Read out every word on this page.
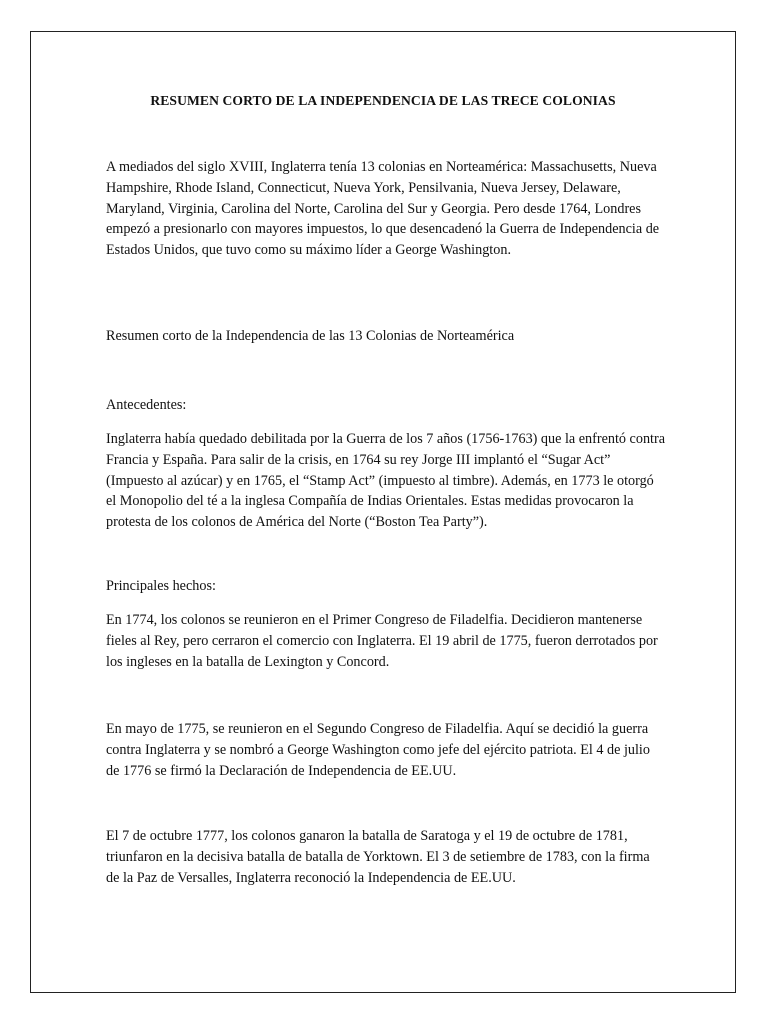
RESUMEN CORTO DE LA INDEPENDENCIA DE LAS TRECE COLONIAS

A mediados del siglo XVIII, Inglaterra tenía 13 colonias en Norteamérica: Massachusetts, Nueva Hampshire, Rhode Island, Connecticut, Nueva York, Pensilvania, Nueva Jersey, Delaware, Maryland, Virginia, Carolina del Norte, Carolina del Sur y Georgia. Pero desde 1764, Londres empezó a presionarlo con mayores impuestos, lo que desencadenó la Guerra de Independencia de Estados Unidos, que tuvo como su máximo líder a George Washington.

Resumen corto de la Independencia de las 13 Colonias de Norteamérica

Antecedentes:

Inglaterra había quedado debilitada por la Guerra de los 7 años (1756-1763) que la enfrentó contra Francia y España. Para salir de la crisis, en 1764 su rey Jorge III implantó el “Sugar Act” (Impuesto al azúcar) y en 1765, el “Stamp Act” (impuesto al timbre). Además, en 1773 le otorgó el Monopolio del té a la inglesa Compañía de Indias Orientales. Estas medidas provocaron la protesta de los colonos de América del Norte (“Boston Tea Party”).

Principales hechos:

En 1774, los colonos se reunieron en el Primer Congreso de Filadelfia. Decidieron mantenerse fieles al Rey, pero cerraron el comercio con Inglaterra. El 19 abril de 1775, fueron derrotados por los ingleses en la batalla de Lexington y Concord.

En mayo de 1775, se reunieron en el Segundo Congreso de Filadelfia. Aquí se decidió la guerra contra Inglaterra y se nombró a George Washington como jefe del ejército patriota. El 4 de julio de 1776 se firmó la Declaración de Independencia de EE.UU.

El 7 de octubre 1777, los colonos ganaron la batalla de Saratoga y el 19 de octubre de 1781, triunfaron en la decisiva batalla de batalla de Yorktown. El 3 de setiembre de 1783, con la firma de la Paz de Versalles, Inglaterra reconoció la Independencia de EE.UU.
